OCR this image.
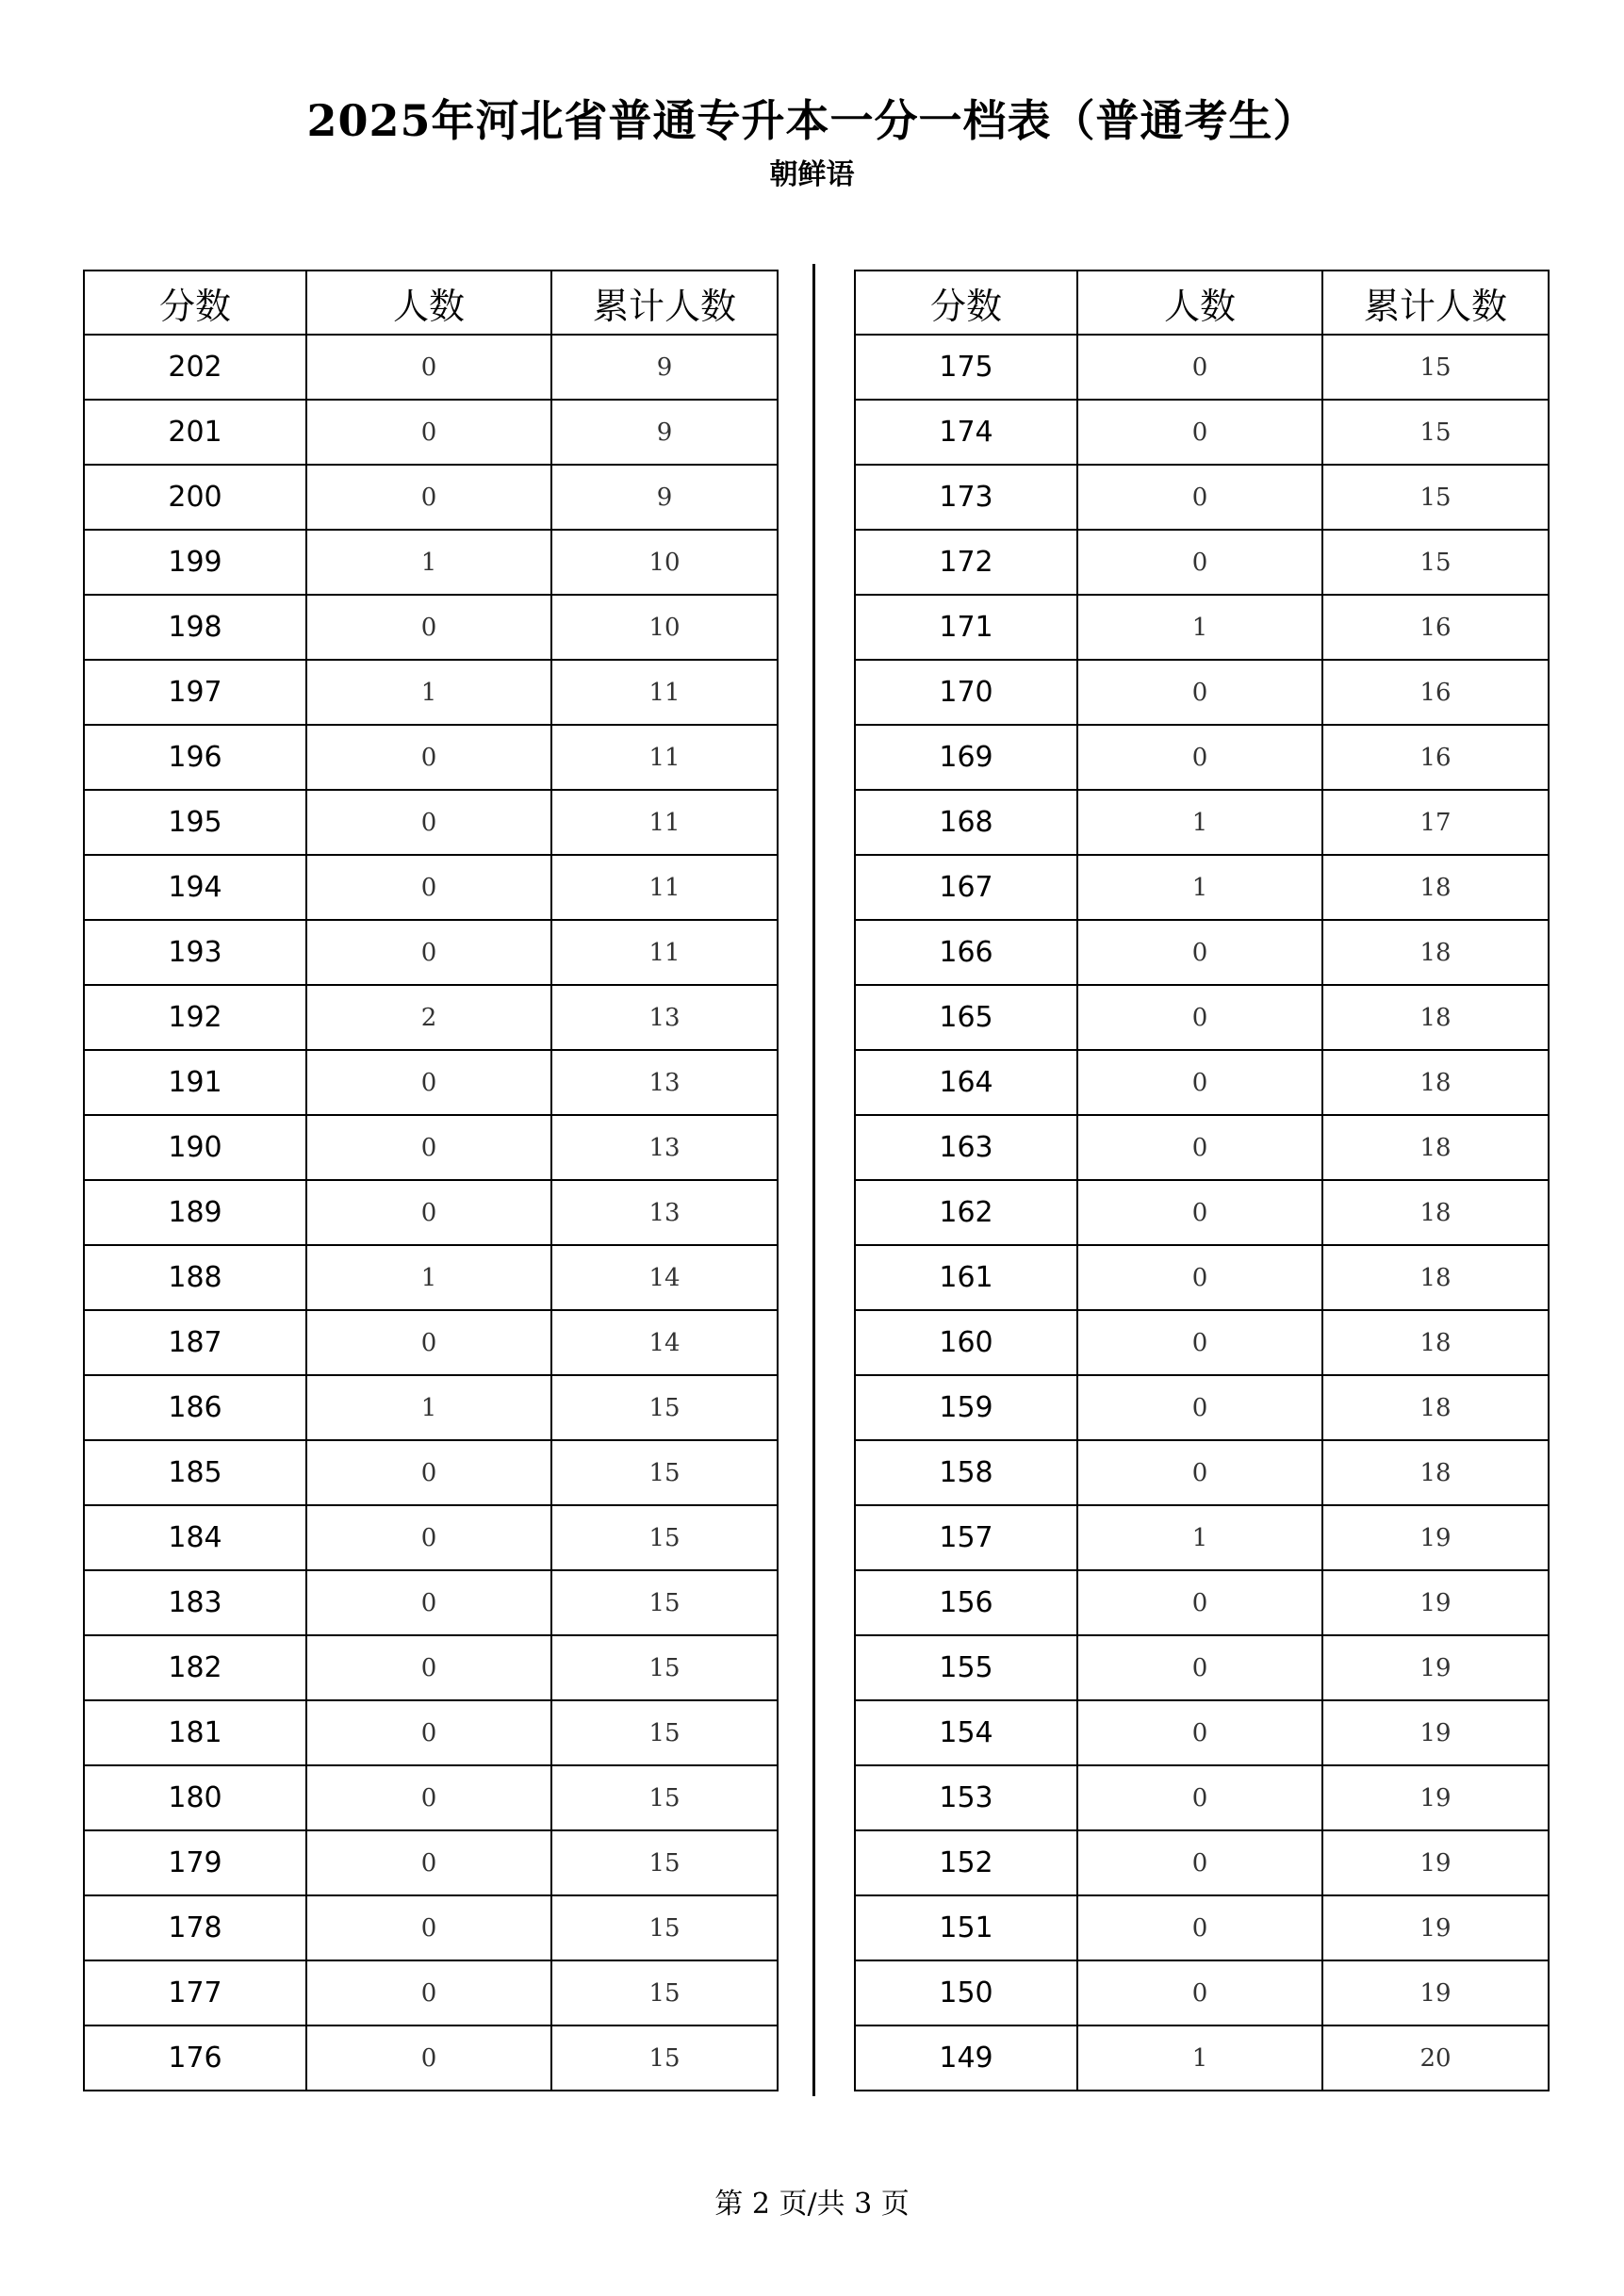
2025年河北省普通专升本一分一档表（普通考生）
朝鲜语
分数	人数	累计人数
202	0	9
201	0	9
200	0	9
199	1	10
198	0	10
197	1	11
196	0	11
195	0	11
194	0	11
193	0	11
192	2	13
191	0	13
190	0	13
189	0	13
188	1	14
187	0	14
186	1	15
185	0	15
184	0	15
183	0	15
182	0	15
181	0	15
180	0	15
179	0	15
178	0	15
177	0	15
176	0	15
分数	人数	累计人数
175	0	15
174	0	15
173	0	15
172	0	15
171	1	16
170	0	16
169	0	16
168	1	17
167	1	18
166	0	18
165	0	18
164	0	18
163	0	18
162	0	18
161	0	18
160	0	18
159	0	18
158	0	18
157	1	19
156	0	19
155	0	19
154	0	19
153	0	19
152	0	19
151	0	19
150	0	19
149	1	20
第 2 页/共 3 页
